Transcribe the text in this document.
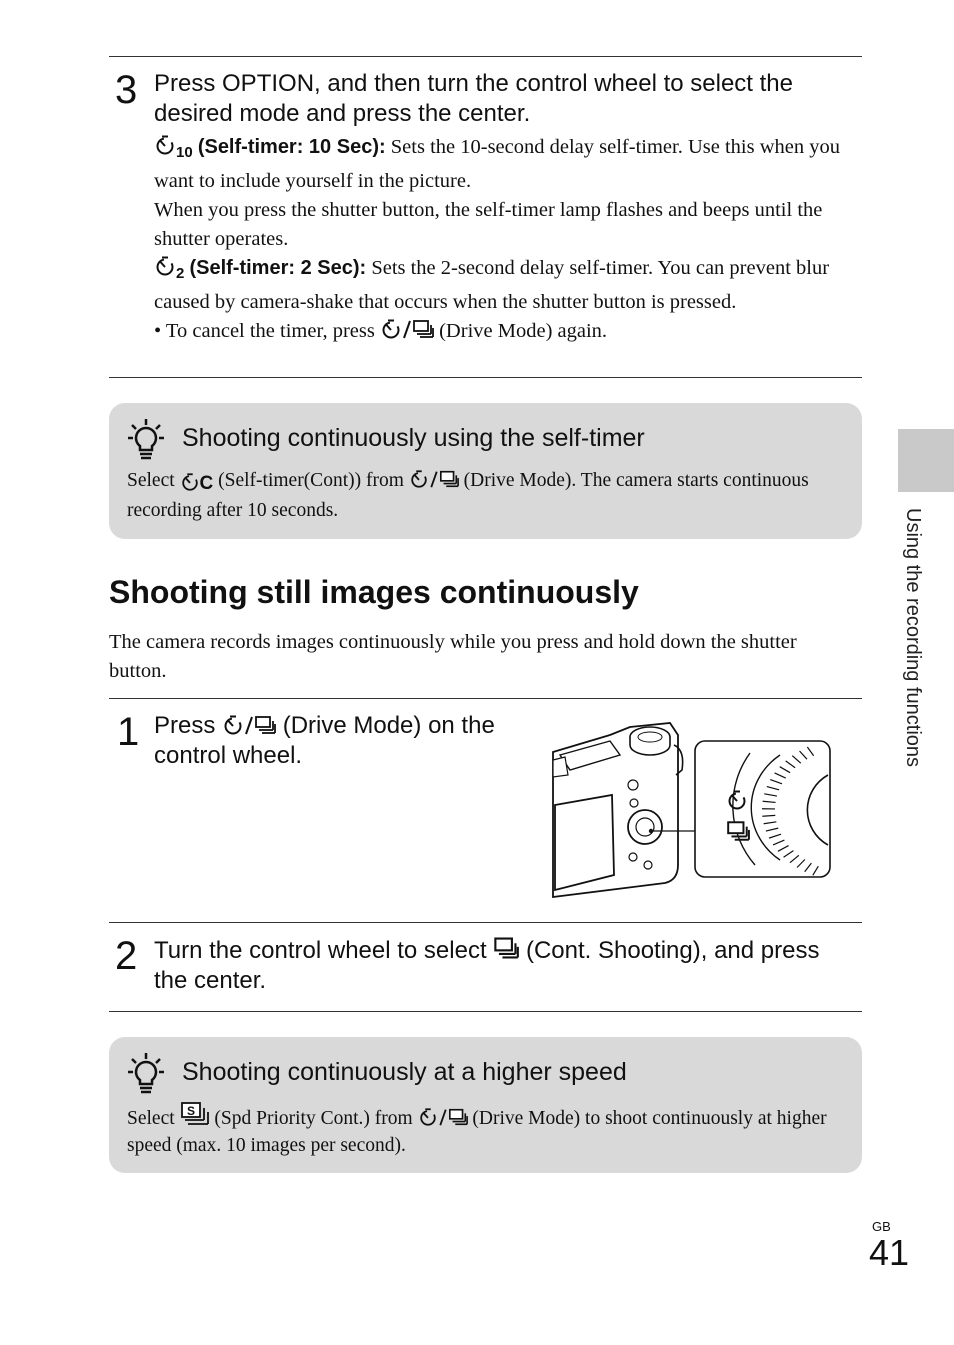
3 Press OPTION, and then turn the control wheel to select the desired mode and press the center.
10 (Self-timer: 10 Sec): Sets the 10-second delay self-timer. Use this when you want to include yourself in the picture.
When you press the shutter button, the self-timer lamp flashes and beeps until the shutter operates.
2 (Self-timer: 2 Sec): Sets the 2-second delay self-timer. You can prevent blur caused by camera-shake that occurs when the shutter button is pressed.
• To cancel the timer, press	(Drive Mode) again.
Shooting continuously using the self-timer
Select C (Self-timer(Cont)) from	(Drive Mode). The camera starts continuous recording after 10 seconds.
Shooting still images continuously
The camera records images continuously while you press and hold down the shutter button.
1 Press	(Drive Mode) on the control wheel.
2 Turn the control wheel to select (Cont. Shooting), and press the center.
Shooting continuously at a higher speed
Select S (Spd Priority Cont.) from	(Drive Mode) to shoot continuously at higher speed (max. 10 images per second).
Using the recording functions
GB
41
